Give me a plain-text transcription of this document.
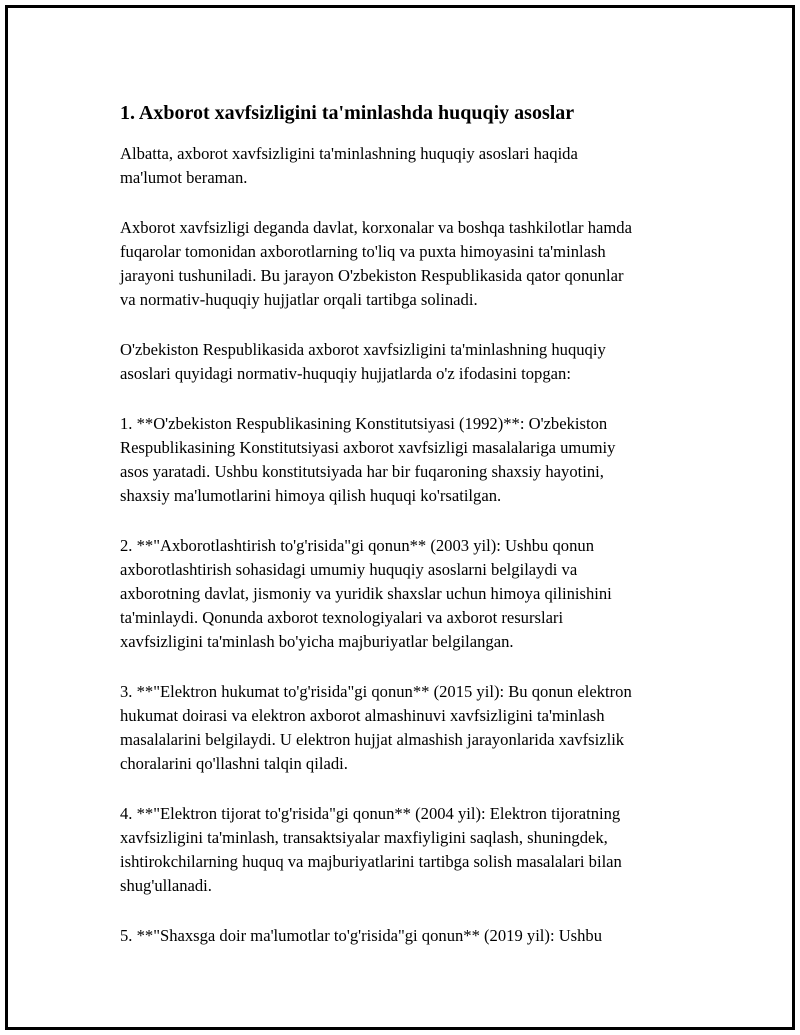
1. Axborot xavfsizligini ta'minlashda huquqiy asoslar

Albatta, axborot xavfsizligini ta'minlashning huquqiy asoslari haqida
ma'lumot beraman.

Axborot xavfsizligi deganda davlat, korxonalar va boshqa tashkilotlar hamda
fuqarolar tomonidan axborotlarning to'liq va puxta himoyasini ta'minlash
jarayoni tushuniladi. Bu jarayon O'zbekiston Respublikasida qator qonunlar
va normativ-huquqiy hujjatlar orqali tartibga solinadi.

O'zbekiston Respublikasida axborot xavfsizligini ta'minlashning huquqiy
asoslari quyidagi normativ-huquqiy hujjatlarda o'z ifodasini topgan:

1. **O'zbekiston Respublikasining Konstitutsiyasi (1992)**: O'zbekiston
Respublikasining Konstitutsiyasi axborot xavfsizligi masalalariga umumiy
asos yaratadi. Ushbu konstitutsiyada har bir fuqaroning shaxsiy hayotini,
shaxsiy ma'lumotlarini himoya qilish huquqi ko'rsatilgan.

2. **"Axborotlashtirish to'g'risida"gi qonun** (2003 yil): Ushbu qonun
axborotlashtirish sohasidagi umumiy huquqiy asoslarni belgilaydi va
axborotning davlat, jismoniy va yuridik shaxslar uchun himoya qilinishini
ta'minlaydi. Qonunda axborot texnologiyalari va axborot resurslari
xavfsizligini ta'minlash bo'yicha majburiyatlar belgilangan.

3. **"Elektron hukumat to'g'risida"gi qonun** (2015 yil): Bu qonun elektron
hukumat doirasi va elektron axborot almashinuvi xavfsizligini ta'minlash
masalalarini belgilaydi. U elektron hujjat almashish jarayonlarida xavfsizlik
choralarini qo'llashni talqin qiladi.

4. **"Elektron tijorat to'g'risida"gi qonun** (2004 yil): Elektron tijoratning
xavfsizligini ta'minlash, transaktsiyalar maxfiyligini saqlash, shuningdek,
ishtirokchilarning huquq va majburiyatlarini tartibga solish masalalari bilan
shug'ullanadi.

5. **"Shaxsga doir ma'lumotlar to'g'risida"gi qonun** (2019 yil): Ushbu
